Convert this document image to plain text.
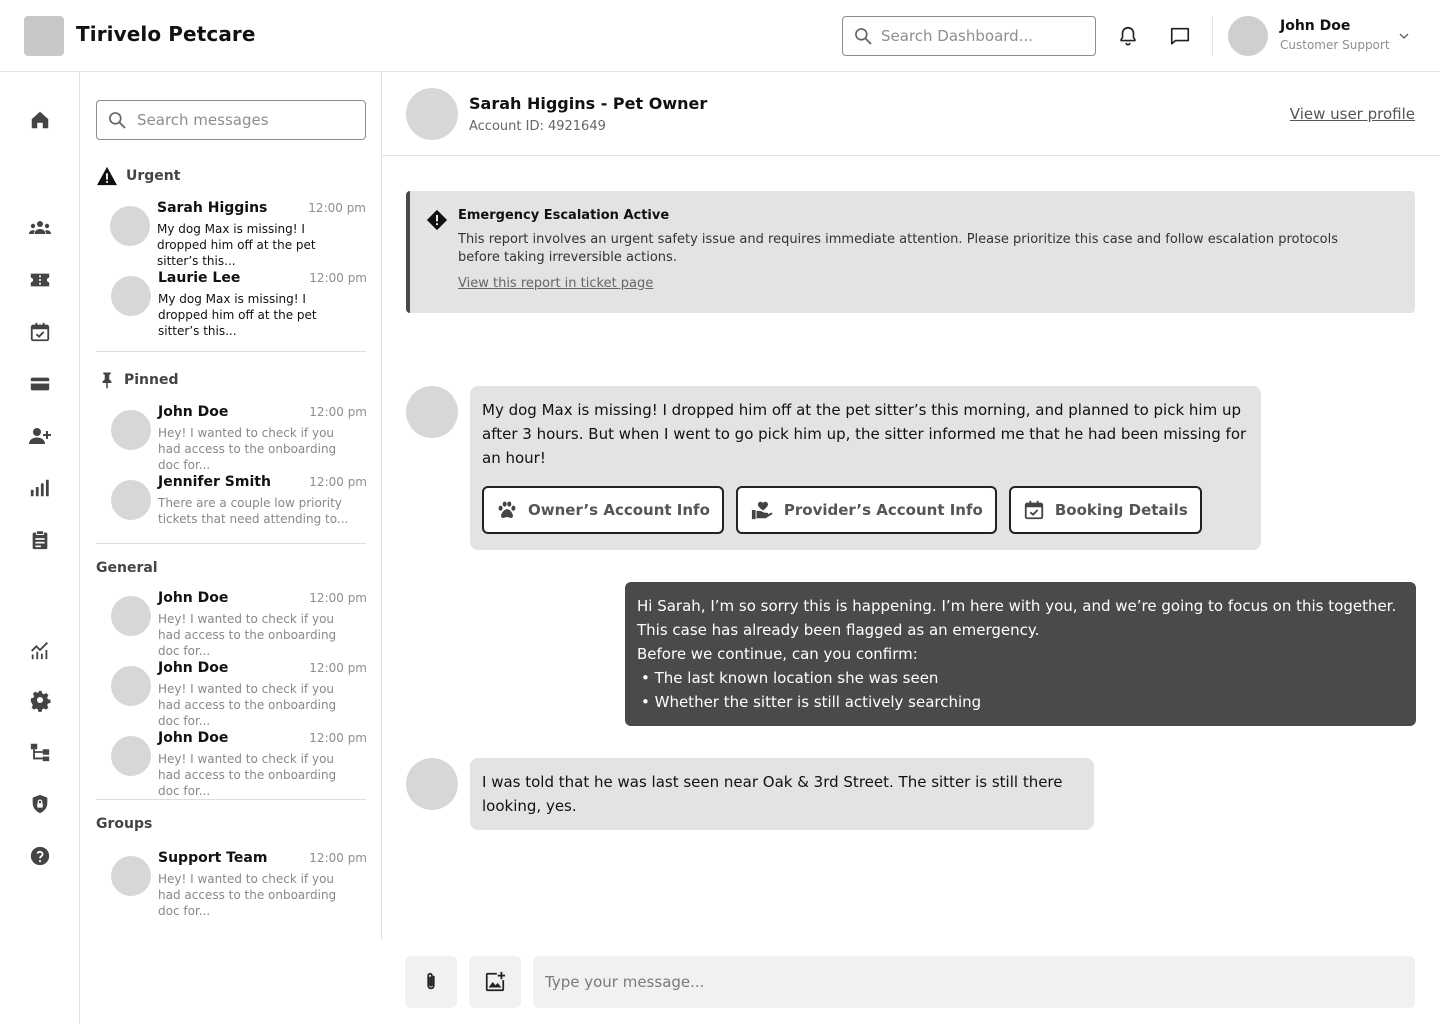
Tirivelo Petcare
Search Dashboard...	John Doe
Customer Support
Search messages
Urgent
Sarah Higgins	12:00 pm
My dog Max is missing! I dropped him off at the pet sitter’s this...
Laurie Lee	12:00 pm
My dog Max is missing! I dropped him off at the pet sitter’s this...
Pinned
John Doe	12:00 pm
Hey! I wanted to check if you had access to the onboarding doc for...
Jennifer Smith	12:00 pm
There are a couple low priority tickets that need attending to...
General
John Doe	12:00 pm
Hey! I wanted to check if you had access to the onboarding doc for...
John Doe	12:00 pm
Hey! I wanted to check if you had access to the onboarding doc for...
John Doe	12:00 pm
Hey! I wanted to check if you had access to the onboarding doc for...
Groups
Support Team	12:00 pm
Hey! I wanted to check if you had access to the onboarding doc for...
Sarah Higgins - Pet Owner
Account ID: 4921649
View user profile
Emergency Escalation Active
This report involves an urgent safety issue and requires immediate attention. Please prioritize this case and follow escalation protocols before taking irreversible actions.
View this report in ticket page
My dog Max is missing! I dropped him off at the pet sitter’s this morning, and planned to pick him up after 3 hours. But when I went to go pick him up, the sitter informed me that he had been missing for an hour!
Owner’s Account Info	Provider’s Account Info	Booking Details
Hi Sarah, I’m so sorry this is happening. I’m here with you, and we’re going to focus on this together.
This case has already been flagged as an emergency.
Before we continue, can you confirm:
• The last known location she was seen
• Whether the sitter is still actively searching
I was told that he was last seen near Oak & 3rd Street. The sitter is still there looking, yes.
Type your message...
